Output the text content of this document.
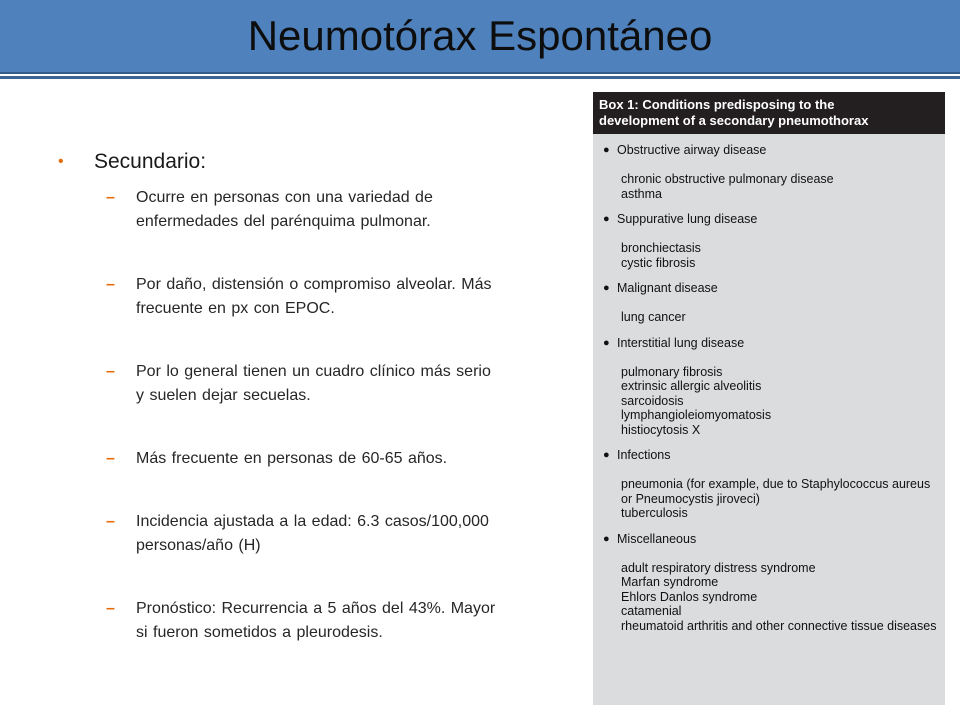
Neumotórax Espontáneo
• Secundario:
– Ocurre en personas con una variedad de
enfermedades del parénquima pulmonar.
– Por daño, distensión o compromiso alveolar. Más
frecuente en px con EPOC.
– Por lo general tienen un cuadro clínico más serio
y suelen dejar secuelas.
– Más frecuente en personas de 60-65 años.
– Incidencia ajustada a la edad: 6.3 casos/100,000
personas/año (H)
– Pronóstico: Recurrencia a 5 años del 43%. Mayor
si fueron sometidos a pleurodesis.
Box 1: Conditions predisposing to the
development of a secondary pneumothorax
● Obstructive airway disease
chronic obstructive pulmonary disease
asthma
● Suppurative lung disease
bronchiectasis
cystic fibrosis
● Malignant disease
lung cancer
● Interstitial lung disease
pulmonary fibrosis
extrinsic allergic alveolitis
sarcoidosis
lymphangioleiomyomatosis
histiocytosis X
● Infections
pneumonia (for example, due to Staphylococcus aureus
or Pneumocystis jiroveci)
tuberculosis
● Miscellaneous
adult respiratory distress syndrome
Marfan syndrome
Ehlors Danlos syndrome
catamenial
rheumatoid arthritis and other connective tissue diseases
